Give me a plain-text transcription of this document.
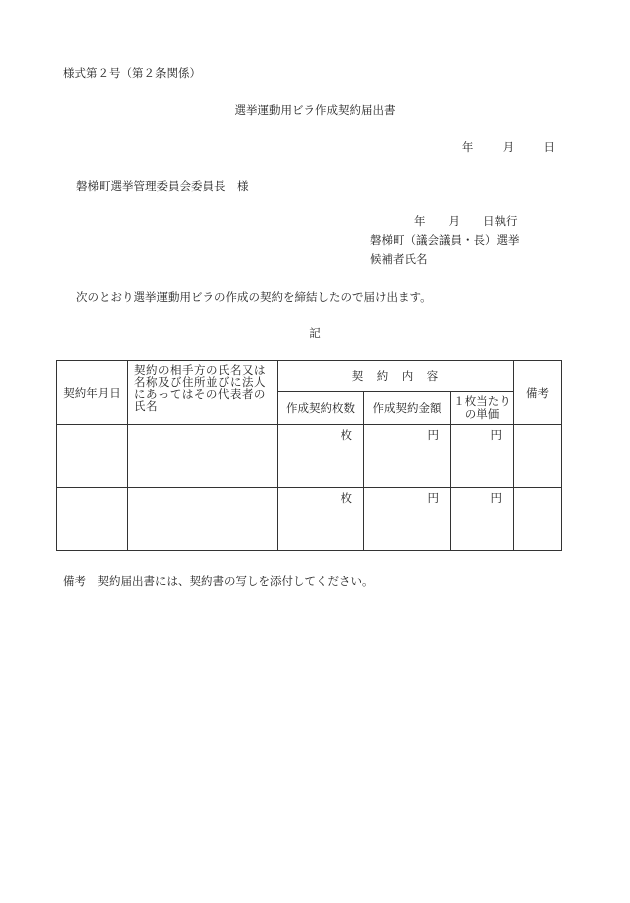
様式第２号（第２条関係）
選挙運動用ビラ作成契約届出書
年	月	日
磐梯町選挙管理委員会委員長　様
年　　月　　日執行
磐梯町（議会議員・長）選挙
候補者氏名
次のとおり選挙運動用ビラの作成の契約を締結したので届け出ます。
記
契約年月日	契約の相手方の氏名又は名称及び住所並びに法人にあってはその代表者の氏名	契　約　内　容			備考
		作成契約枚数	作成契約金額	１枚当たりの単価	
		枚	円	円	
		枚	円	円	
備考　契約届出書には、契約書の写しを添付してください。
